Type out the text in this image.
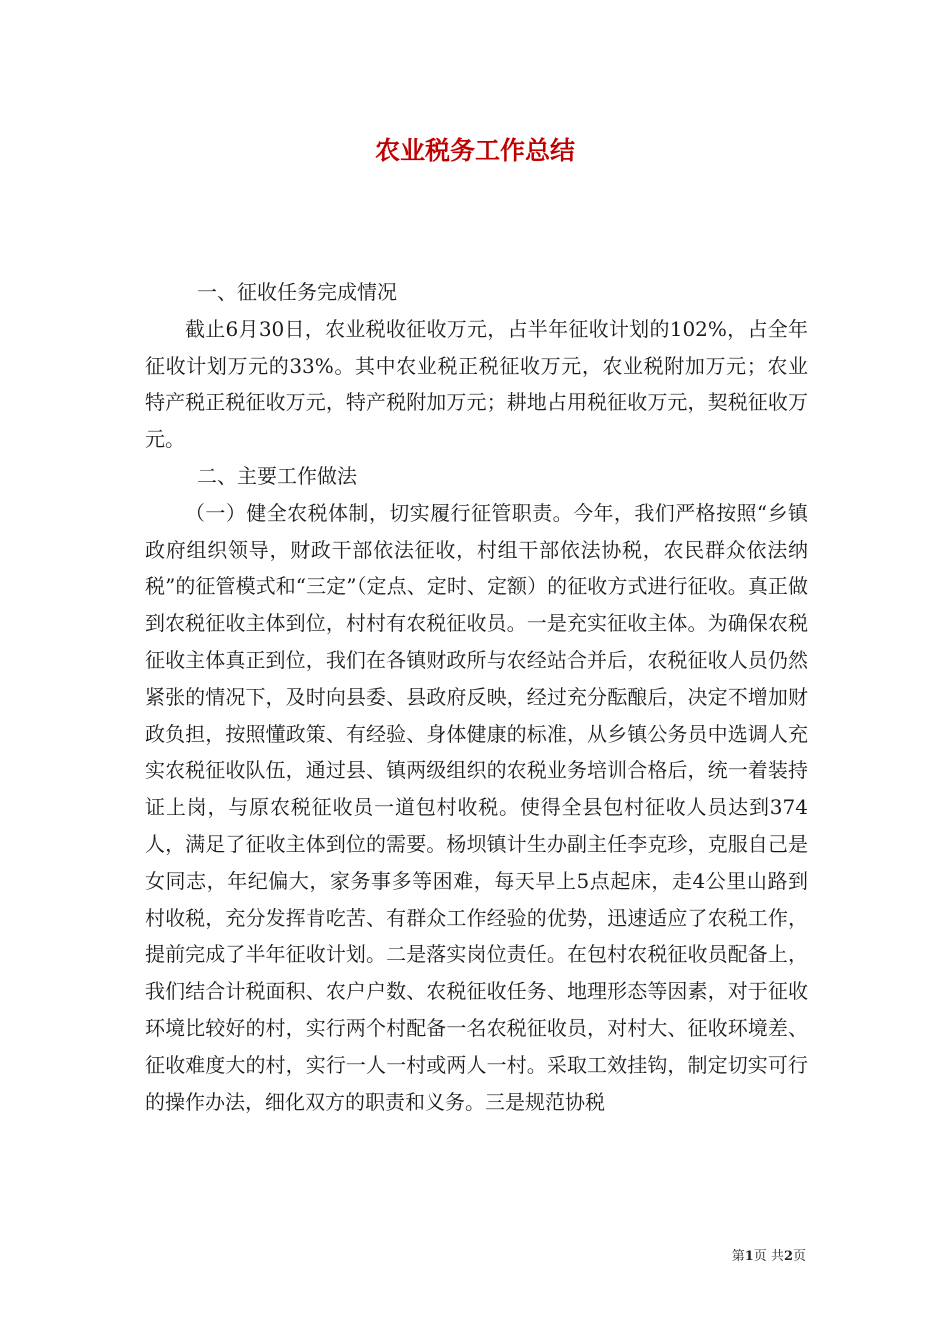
农业税务工作总结

一、征收任务完成情况

截止6月30日，农业税收征收万元，占半年征收计划的102%，占全年征收计划万元的33%。其中农业税正税征收万元，农业税附加万元；农业特产税正税征收万元，特产税附加万元；耕地占用税征收万元，契税征收万元。

二、主要工作做法

（一）健全农税体制，切实履行征管职责。今年，我们严格按照“乡镇政府组织领导，财政干部依法征收，村组干部依法协税，农民群众依法纳税”的征管模式和“三定”（定点、定时、定额）的征收方式进行征收。真正做到农税征收主体到位，村村有农税征收员。一是充实征收主体。为确保农税征收主体真正到位，我们在各镇财政所与农经站合并后，农税征收人员仍然紧张的情况下，及时向县委、县政府反映，经过充分酝酿后，决定不增加财政负担，按照懂政策、有经验、身体健康的标准，从乡镇公务员中选调人充实农税征收队伍，通过县、镇两级组织的农税业务培训合格后，统一着装持证上岗，与原农税征收员一道包村收税。使得全县包村征收人员达到374人，满足了征收主体到位的需要。杨坝镇计生办副主任李克珍，克服自己是女同志，年纪偏大，家务事多等困难，每天早上5点起床，走4公里山路到村收税，充分发挥肯吃苦、有群众工作经验的优势，迅速适应了农税工作，提前完成了半年征收计划。二是落实岗位责任。在包村农税征收员配备上，我们结合计税面积、农户户数、农税征收任务、地理形态等因素，对于征收环境比较好的村，实行两个村配备一名农税征收员，对村大、征收环境差、征收难度大的村，实行一人一村或两人一村。采取工效挂钩，制定切实可行的操作办法，细化双方的职责和义务。三是规范协税

第1页 共2页
